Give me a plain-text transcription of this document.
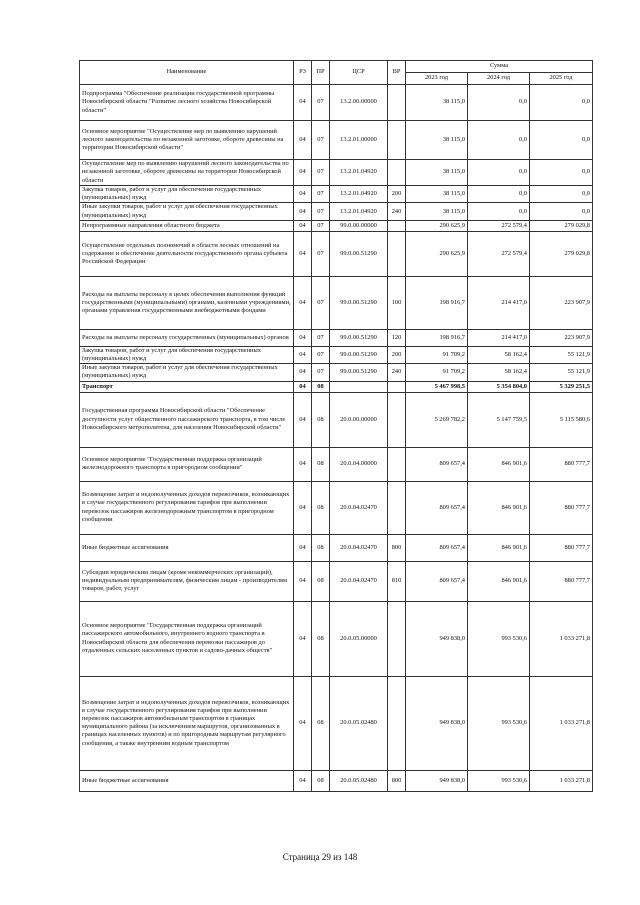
Наименование	РЗ	ПР	ЦСР	ВР	Сумма		
					2023 год	2024 год	2025 год
Подпрограмма "Обеспечение реализации государственной программы Новосибирской области "Развитие лесного хозяйства Новосибирской области"	04	07	13.2.00.00000		38 115,0	0,0	0,0
Основное мероприятие "Осуществление мер по выявлению нарушений лесного законодательства по незаконной заготовке, обороте древесины на территории Новосибирской области"	04	07	13.2.01.00000		38 115,0	0,0	0,0
Осуществление мер по выявлению нарушений лесного законодательства по незаконной заготовке, обороте древесины на территории Новосибирской области	04	07	13.2.01.04920		38 115,0	0,0	0,0
Закупка товаров, работ и услуг для обеспечения государственных (муниципальных) нужд	04	07	13.2.01.04920	200	38 115,0	0,0	0,0
Иные закупки товаров, работ и услуг для обеспечения государственных (муниципальных) нужд	04	07	13.2.01.04920	240	38 115,0	0,0	0,0
Непрограммные направления областного бюджета	04	07	99.0.00.00000		290 625,9	272 579,4	279 029,8
Осуществление отдельных полномочий в области лесных отношений на содержание и обеспечение деятельности государственного органа субъекта Российской Федерации	04	07	99.0.00.51290		290 625,9	272 579,4	279 029,8
Расходы на выплаты персоналу в целях обеспечения выполнения функций государственными (муниципальными) органами, казенными учреждениями, органами управления государственными внебюджетными фондами	04	07	99.0.00.51290	100	198 916,7	214 417,0	223 907,9
Расходы на выплаты персоналу государственных (муниципальных) органов	04	07	99.0.00.51290	120	198 916,7	214 417,0	223 907,9
Закупка товаров, работ и услуг для обеспечения государственных (муниципальных) нужд	04	07	99.0.00.51290	200	91 709,2	58 162,4	55 121,9
Иные закупки товаров, работ и услуг для обеспечения государственных (муниципальных) нужд	04	07	99.0.00.51290	240	91 709,2	58 162,4	55 121,9
Транспорт	04	08			5 467 998,5	5 354 804,0	5 329 251,5
Государственная программа Новосибирской области "Обеспечение доступности услуг общественного пассажирского транспорта, в том числе Новосибирского метрополитена, для населения Новосибирской области"	04	08	20.0.00.00000		5 269 782,2	5 147 759,5	5 115 580,6
Основное мероприятие "Государственная поддержка организаций железнодорожного транспорта в пригородном сообщении"	04	08	20.0.04.00000		809 657,4	846 901,6	880 777,7
Возмещение затрат и недополученных доходов перевозчиков, возникающих в случае государственного регулирования тарифов при выполнении перевозок пассажиров железнодорожным транспортом в пригородном сообщении	04	08	20.0.04.02470		809 657,4	846 901,6	880 777,7
Иные бюджетные ассигнования	04	08	20.0.04.02470	800	809 657,4	846 901,6	880 777,7
Субсидии юридическим лицам (кроме некоммерческих организаций), индивидуальным предпринимателям, физическим лицам - производителям товаров, работ, услуг	04	08	20.0.04.02470	810	809 657,4	846 901,6	880 777,7
Основное мероприятие "Государственная поддержка организаций пассажирского автомобильного, внутреннего водного транспорта в Новосибирской области для обеспечения перевозки пассажиров до отдаленных сельских населенных пунктов и садово-дачных обществ"	04	08	20.0.05.00000		949 838,0	993 530,6	1 033 271,8
Возмещение затрат и недополученных доходов перевозчиков, возникающих в случае государственного регулирования тарифов при выполнении перевозок пассажиров автомобильным транспортом в границах муниципального района (за исключением маршрутов, организованных в границах населенных пунктов) и по пригородным маршрутам регулярного сообщения, а также внутренним водным транспортом	04	08	20.0.05.02480		949 838,0	993 530,6	1 033 271,8
Иные бюджетные ассигнования	04	08	20.0.05.02480	800	949 838,0	993 530,6	1 033 271,8
Страница 29 из 148
